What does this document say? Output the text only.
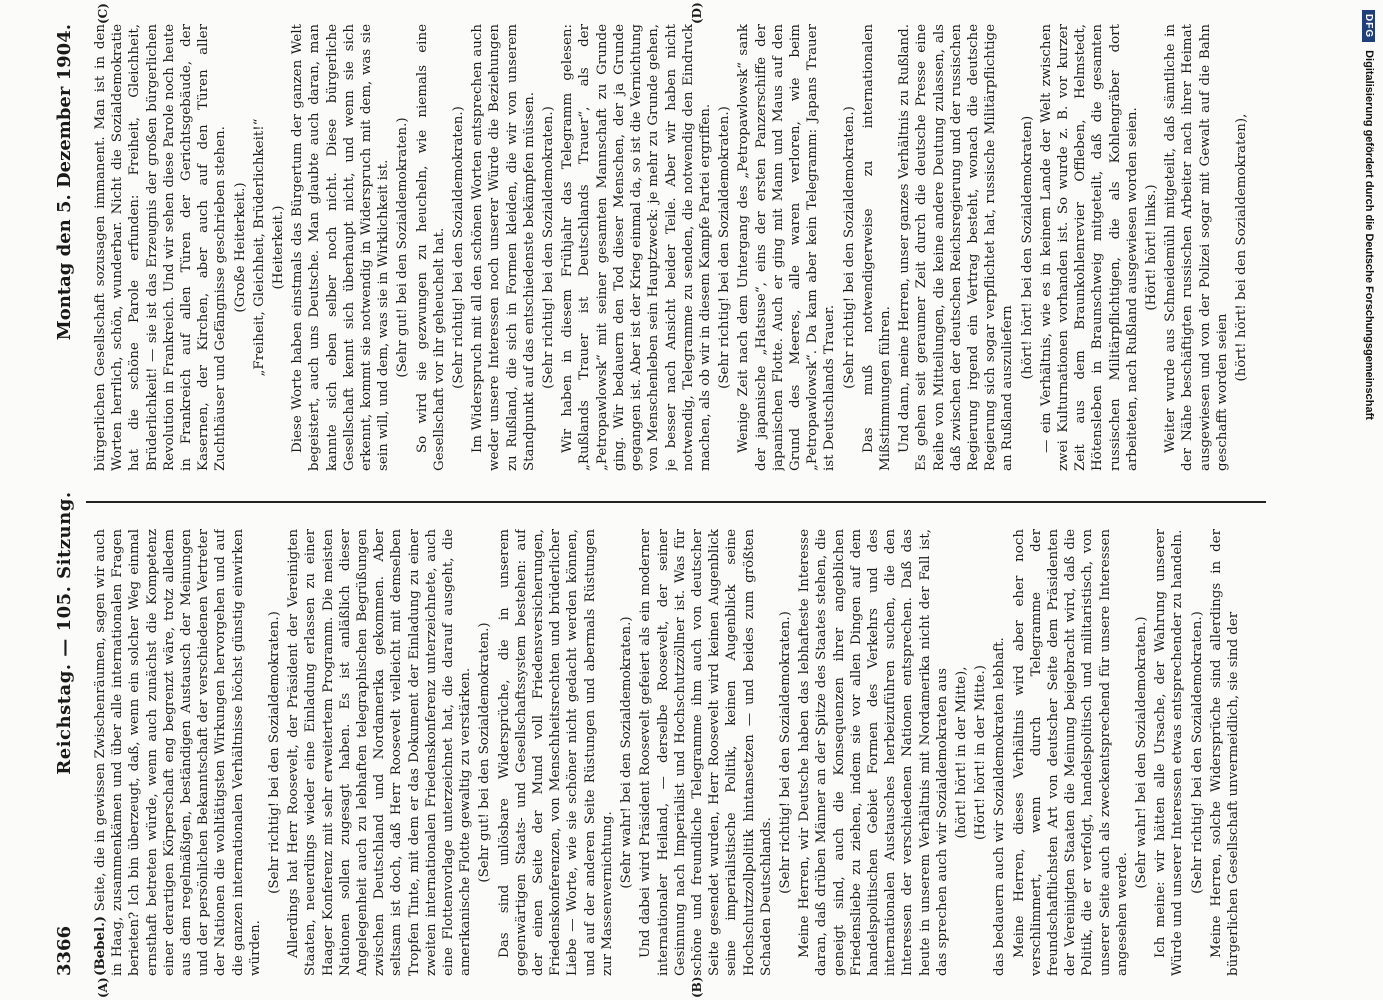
3366
Reichstag. — 105. Sitzung.
Montag den 5. Dezember 1904.
(A)	(B)
(C)	(D)

(Bebel.) Seite, die in gewissen Zwischenräumen, sagen wir auch in Haag, zusammenkämen und über alle internationalen Fragen berieten? Ich bin überzeugt, daß, wenn ein solcher Weg einmal ernsthaft betreten würde, wenn auch zunächst die Kompetenz einer derartigen Körperschaft eng begrenzt wäre, trotz alledem aus dem regelmäßigen, beständigen Austausch der Meinungen und der persönlichen Bekanntschaft der verschiedenen Vertreter der Nationen die wohltätigsten Wirkungen hervorgehen und auf die ganzen internationalen Verhältnisse höchst günstig einwirken würden.

(Sehr richtig! bei den Sozialdemokraten.) Allerdings hat Herr Roosevelt, der Präsident der Vereinigten Staaten, neuerdings wieder eine Einladung erlassen zu einer Haager Konferenz mit sehr erweitertem Programm. Die meisten Nationen sollen zugesagt haben. Es ist anläßlich dieser Angelegenheit auch zu lebhaften telegraphischen Begrüßungen zwischen Deutschland und Nordamerika gekommen. Aber seltsam ist doch, daß Herr Roosevelt vielleicht mit demselben Tropfen Tinte, mit dem er das Dokument der Einladung zu einer zweiten internationalen Friedenskonferenz unterzeichnete, auch eine Flottenvorlage unterzeichnet hat, die darauf ausgeht, die amerikanische Flotte gewaltig zu verstärken. (Sehr gut! bei den Sozialdemokraten.) Das sind unlösbare Widersprüche, die in unserem gegenwärtigen Staats- und Gesellschaftssystem bestehen: auf der einen Seite der Mund voll Friedensversicherungen, Friedenskonferenzen, von Menschheitsrechten und brüderlicher Liebe — Worte, wie sie schöner nicht gedacht werden können, und auf der anderen Seite Rüstungen und abermals Rüstungen zur Massenvernichtung.

(Sehr wahr! bei den Sozialdemokraten.) Und dabei wird Präsident Roosevelt gefeiert als ein moderner internationaler Heiland, — derselbe Roosevelt, der seiner Gesinnung nach Imperialist und Hochschutzzöllner ist. Was für schöne und freundliche Telegramme ihm auch von deutscher Seite gesendet wurden, Herr Roosevelt wird keinen Augenblick seine imperialistische Politik, keinen Augenblick seine Hochschutzzollpolitik hintansetzen — und beides zum größten Schaden Deutschlands.

(Sehr richtig! bei den Sozialdemokraten.) Meine Herren, wir Deutsche haben das lebhafteste Interesse daran, daß drüben Männer an der Spitze des Staates stehen, die geneigt sind, auch die Konsequenzen ihrer angeblichen Friedensliebe zu ziehen, indem sie vor allen Dingen auf dem handelspolitischen Gebiet Formen des Verkehrs und des internationalen Austausches herbeizuführen suchen, die den Interessen der verschiedenen Nationen entsprechen. Daß das heute in unserem Verhältnis mit Nordamerika nicht der Fall ist, das sprechen auch wir Sozialdemokraten aus (hört! hört! in der Mitte), (Hört! hört! in der Mitte.) das bedauern auch wir Sozialdemokraten lebhaft. Meine Herren, dieses Verhältnis wird aber eher noch verschlimmert, wenn durch Telegramme der freundschaftlichsten Art von deutscher Seite dem Präsidenten der Vereinigten Staaten die Meinung beigebracht wird, daß die Politik, die er verfolgt, handelspolitisch und militaristisch, von unserer Seite auch als zweckentsprechend für unsere Interessen angesehen werde.

(Sehr wahr! bei den Sozialdemokraten.) Ich meine: wir hätten alle Ursache, der Wahrung unserer Würde und unserer Interessen etwas entsprechender zu handeln. (Sehr richtig! bei den Sozialdemokraten.) Meine Herren, solche Widersprüche sind allerdings in der bürgerlichen Gesellschaft unvermeidlich, sie sind der

bürgerlichen Gesellschaft sozusagen immanent. Man ist in den Worten herrlich, schön, wunderbar. Nicht die Sozialdemokratie hat die schöne Parole erfunden: Freiheit, Gleichheit, Brüderlichkeit! — sie ist das Erzeugnis der großen bürgerlichen Revolution in Frankreich. Und wir sehen diese Parole noch heute in Frankreich auf allen Türen der Gerichtsgebäude, der Kasernen, der Kirchen, aber auch auf den Türen aller Zuchthäuser und Gefängnisse geschrieben stehen. (Große Heiterkeit.) „Freiheit, Gleichheit, Brüderlichkeit!“ (Heiterkeit.) Diese Worte haben einstmals das Bürgertum der ganzen Welt begeistert, auch uns Deutsche. Man glaubte auch daran, man kannte sich eben selber noch nicht. Diese bürgerliche Gesellschaft kennt sich überhaupt nicht, und wenn sie sich erkennt, kommt sie notwendig in Widerspruch mit dem, was sie sein will, und dem, was sie in Wirklichkeit ist. (Sehr gut! bei den Sozialdemokraten.) So wird sie gezwungen zu heucheln, wie niemals eine Gesellschaft vor ihr geheuchelt hat. (Sehr richtig! bei den Sozialdemokraten.) Im Widerspruch mit all den schönen Worten entsprechen auch weder unsere Interessen noch unserer Würde die Beziehungen zu Rußland, die sich in Formen kleiden, die wir von unserem Standpunkt auf das entschiedenste bekämpfen müssen. (Sehr richtig! bei den Sozialdemokraten.) Wir haben in diesem Frühjahr das Telegramm gelesen: „Rußlands Trauer ist Deutschlands Trauer“, als der „Petropawlowsk“ mit seiner gesamten Mannschaft zu Grunde ging. Wir bedauern den Tod dieser Menschen, der ja Grunde gegangen ist. Aber ist der Krieg einmal da, so ist die Vernichtung von Menschenleben sein Hauptzweck: je mehr zu Grunde gehen, je besser nach Ansicht beider Teile. Aber wir haben nicht notwendig, Telegramme zu senden, die notwendig den Eindruck machen, als ob wir in diesem Kampfe Partei ergriffen. (Sehr richtig! bei den Sozialdemokraten.) Wenige Zeit nach dem Untergang des „Petropawlowsk“ sank der japanische „Hatsuse“, eins der ersten Panzerschiffe der japanischen Flotte. Auch er ging mit Mann und Maus auf den Grund des Meeres, alle waren verloren, wie beim „Petropawlowsk“. Da kam aber kein Telegramm: Japans Trauer ist Deutschlands Trauer. (Sehr richtig! bei den Sozialdemokraten.) Das muß notwendigerweise zu internationalen Mißstimmungen führen. Und dann, meine Herren, unser ganzes Verhältnis zu Rußland. Es gehen seit geraumer Zeit durch die deutsche Presse eine Reihe von Mitteilungen, die keine andere Deutung zulassen, als daß zwischen der deutschen Reichsregierung und der russischen Regierung irgend ein Vertrag besteht, wonach die deutsche Regierung sich sogar verpflichtet hat, russische Militärpflichtige an Rußland auszuliefern

(hört! hört! bei den Sozialdemokraten) — ein Verhältnis, wie es in keinem Lande der Welt zwischen zwei Kulturnationen vorhanden ist. So wurde z. B. vor kurzer Zeit aus dem Braunkohlenrevier Offleben, Helmstedt, Hötensleben in Braunschweig mitgeteilt, daß die gesamten russischen Militärpflichtigen, die als Kohlengräber dort arbeiteten, nach Rußland ausgewiesen worden seien. (Hört! hört! links.) Weiter wurde aus Schneidemühl mitgeteilt, daß sämtliche in der Nähe beschäftigten russischen Arbeiter nach ihrer Heimat ausgewiesen und von der Polizei sogar mit Gewalt auf die Bahn geschafft worden seien

(hört! hört! bei den Sozialdemokraten),

DFG
Digitalisierung gefördert durch die Deutsche Forschungsgemeinschaft
